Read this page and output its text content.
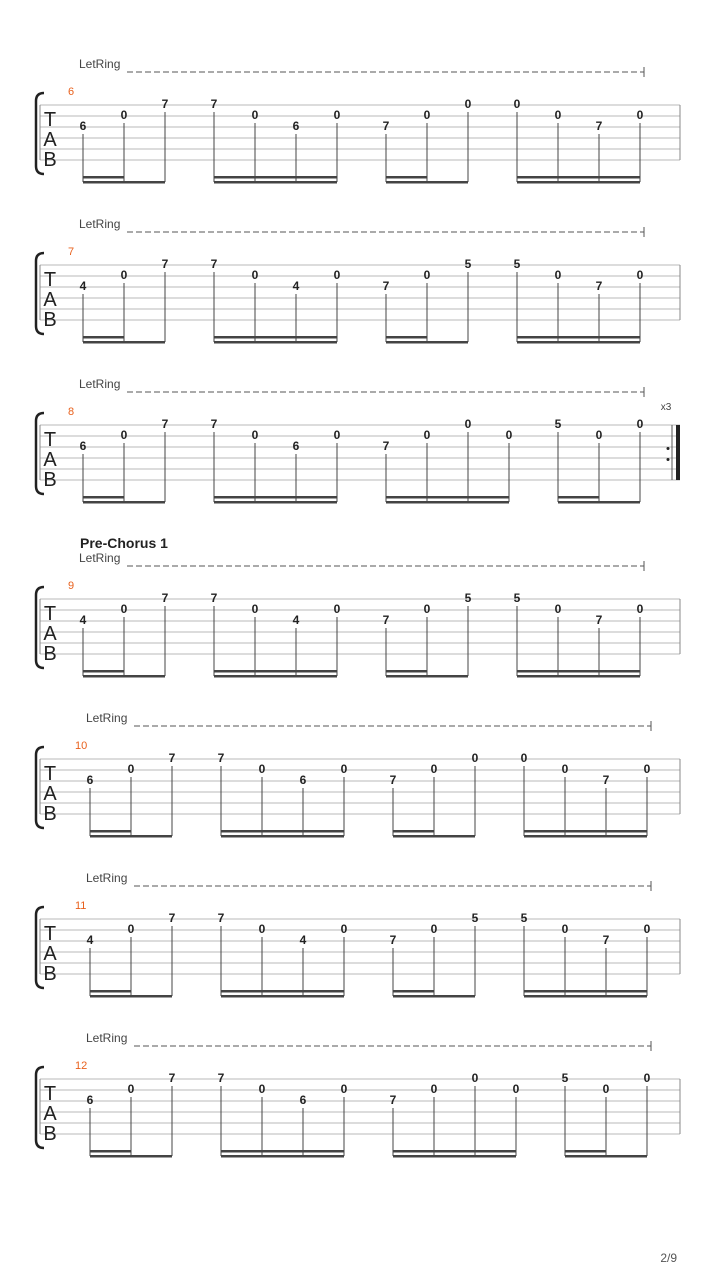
T
A
B
6
LetRing
6
0
7	7
0
6
0
7
0
0	0
0
7
0
T
A
B
7
LetRing
4
0
7	7
0
4
0
7
0
5	5
0
7
0
x3
T
A
B
8
LetRing
6
0
7	7
0
6
0
7
0
0
0
5
0
0
T
A
B
9
LetRing
Pre-Chorus 1
4
0
7	7
0
4
0
7
0
5	5
0
7
0
T
A
B
10
LetRing
6
0
7	7
0
6
0
7
0
0	0
0
7
0
T
A
B
11
LetRing
4
0
7	7
0
4
0
7
0
5	5
0
7
0
T
A
B
12
LetRing
6
0
7	7
0
6
0
7
0
0
0
5
0
0
2/9
